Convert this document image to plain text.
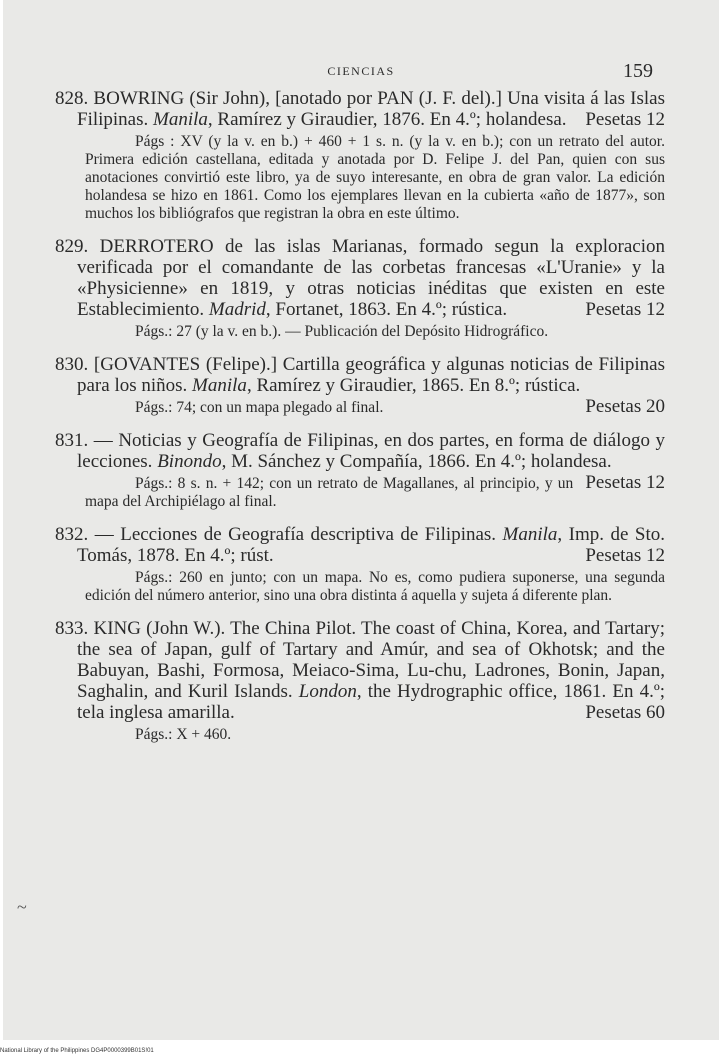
CIENCIAS	159
828. BOWRING (Sir John), [anotado por PAN (J. F. del).] Una visita á las Islas Filipinas. Manila, Ramírez y Giraudier, 1876. En 4.º; holandesa. Pesetas 12
Págs : XV (y la v. en b.) + 460 + 1 s. n. (y la v. en b.); con un retrato del autor. Primera edición castellana, editada y anotada por D. Felipe J. del Pan, quien con sus anotaciones convirtió este libro, ya de suyo interesante, en obra de gran valor. La edición holandesa se hizo en 1861. Como los ejemplares llevan en la cubierta «año de 1877», son muchos los bibliógrafos que registran la obra en este último.
829. DERROTERO de las islas Marianas, formado segun la exploracion verificada por el comandante de las corbetas francesas «L'Uranie» y la «Physicienne» en 1819, y otras noticias inéditas que existen en este Establecimiento. Madrid, Fortanet, 1863. En 4.º; rústica.	Pesetas 12
Págs.: 27 (y la v. en b.). — Publicación del Depósito Hidrográfico.
830. [GOVANTES (Felipe).] Cartilla geográfica y algunas noticias de Filipinas para los niños. Manila, Ramírez y Giraudier, 1865. En 8.º; rústica.
Pesetas 20
Págs.: 74; con un mapa plegado al final.
831. — Noticias y Geografía de Filipinas, en dos partes, en forma de diálogo y lecciones. Binondo, M. Sánchez y Compañía, 1866. En 4.º; holandesa.
Pesetas 12
Págs.: 8 s. n. + 142; con un retrato de Magallanes, al principio, y un mapa del Archipiélago al final.
832. — Lecciones de Geografía descriptiva de Filipinas. Manila, Imp. de Sto. Tomás, 1878. En 4.º; rúst.	Pesetas 12
Págs.: 260 en junto; con un mapa. No es, como pudiera suponerse, una segunda edición del número anterior, sino una obra distinta á aquella y sujeta á diferente plan.
833. KING (John W.). The China Pilot. The coast of China, Korea, and Tartary; the sea of Japan, gulf of Tartary and Amúr, and sea of Okhotsk; and the Babuyan, Bashi, Formosa, Meiaco-Sima, Lu-chu, Ladrones, Bonin, Japan, Saghalin, and Kuril Islands. London, the Hydrographic office, 1861. En 4.º; tela inglesa amarilla.	Pesetas 60
Págs.: X + 460.
~
National Library of the Philippines DG4P0000399B01S!01
